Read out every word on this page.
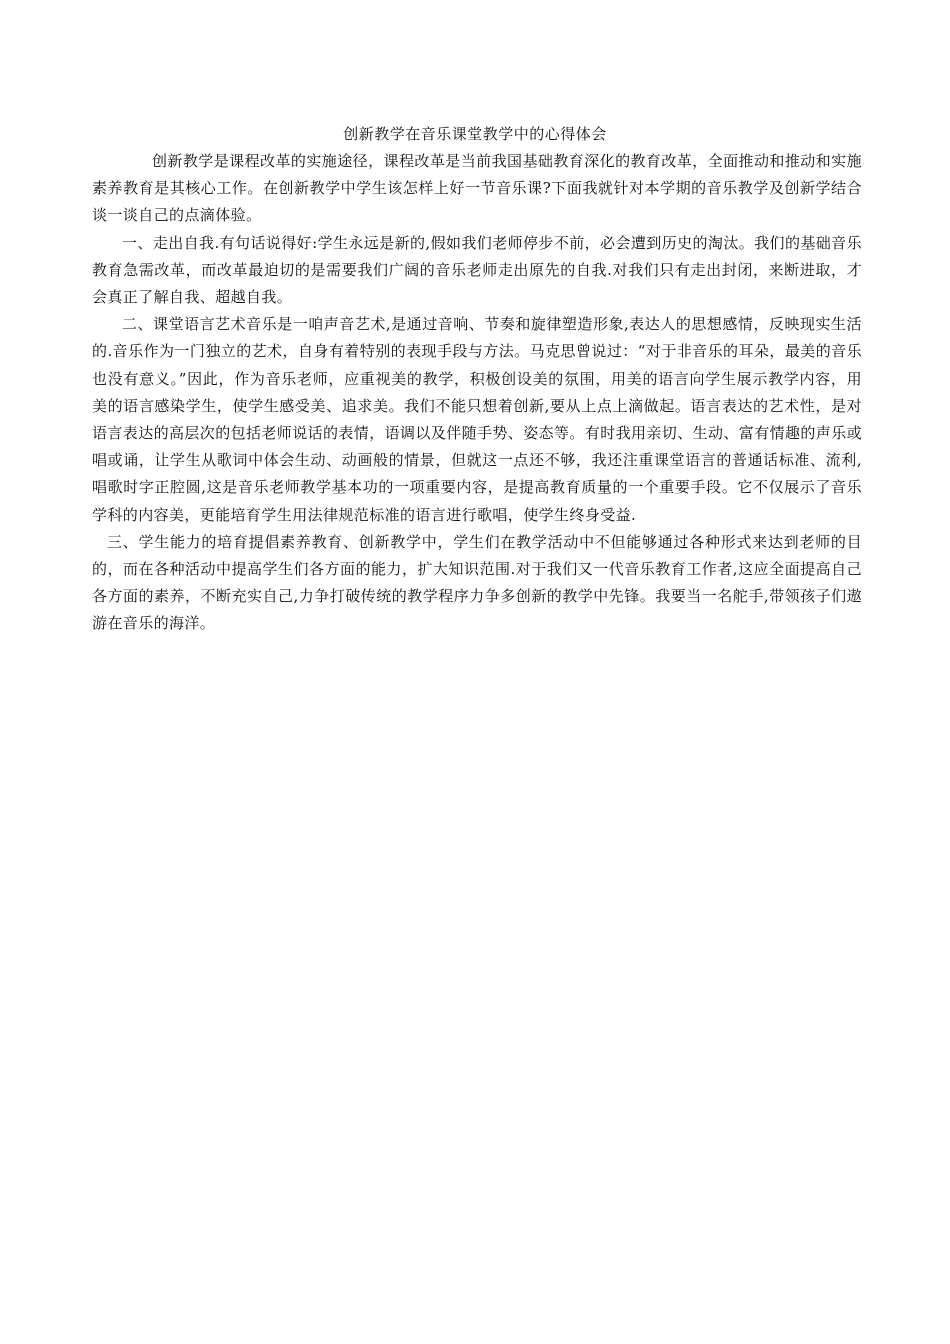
创新教学在音乐课堂教学中的心得体会

创新教学是课程改革的实施途径，课程改革是当前我国基础教育深化的教育改革，全面推动和推动和实施素养教育是其核心工作。在创新教学中学生该怎样上好一节音乐课?下面我就针对本学期的音乐教学及创新学结合谈一谈自己的点滴体验。

一、走出自我.有句话说得好:学生永远是新的,假如我们老师停步不前，必会遭到历史的淘汰。我们的基础音乐教育急需改革，而改革最迫切的是需要我们广阔的音乐老师走出原先的自我.对我们只有走出封闭，来断进取，才会真正了解自我、超越自我。

二、课堂语言艺术音乐是一咱声音艺术,是通过音响、节奏和旋律塑造形象,表达人的思想感情，反映现实生活的.音乐作为一门独立的艺术，自身有着特别的表现手段与方法。马克思曾说过：“对于非音乐的耳朵，最美的音乐也没有意义。”因此，作为音乐老师，应重视美的教学，积极创设美的氛围，用美的语言向学生展示教学内容，用美的语言感染学生，使学生感受美、追求美。我们不能只想着创新,要从上点上滴做起。语言表达的艺术性，是对语言表达的高层次的包括老师说话的表情，语调以及伴随手势、姿态等。有时我用亲切、生动、富有情趣的声乐或唱或诵，让学生从歌词中体会生动、动画般的情景，但就这一点还不够，我还注重课堂语言的普通话标准、流利,唱歌时字正腔圆,这是音乐老师教学基本功的一项重要内容，是提高教育质量的一个重要手段。它不仅展示了音乐学科的内容美，更能培育学生用法律规范标准的语言进行歌唱，使学生终身受益.

三、学生能力的培育提倡素养教育、创新教学中，学生们在教学活动中不但能够通过各种形式来达到老师的目的，而在各种活动中提高学生们各方面的能力，扩大知识范围.对于我们又一代音乐教育工作者,这应全面提高自己各方面的素养，不断充实自己,力争打破传统的教学程序力争多创新的教学中先锋。我要当一名舵手,带领孩子们遨游在音乐的海洋。
